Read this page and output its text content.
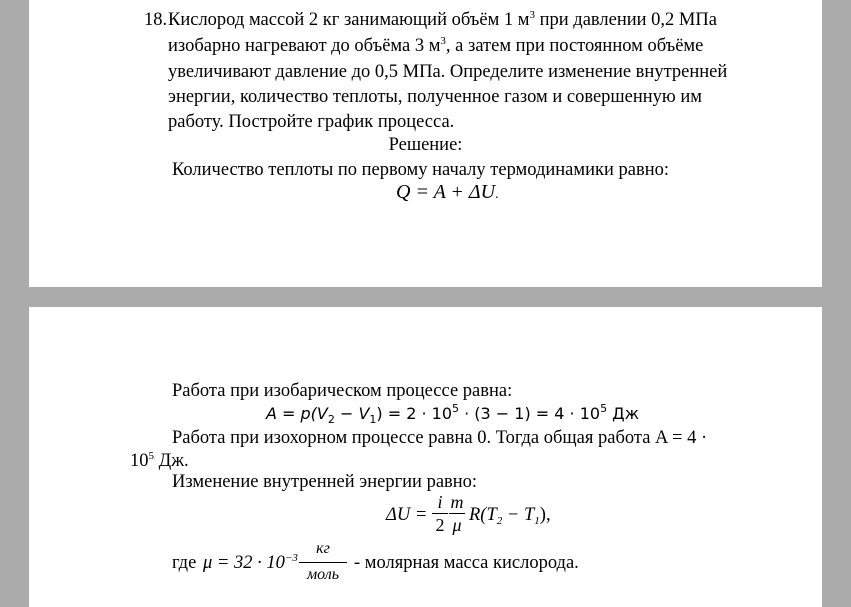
18. Кислород массой 2 кг занимающий объём 1 $м^3$ при давлении 0,2 МПа
изобарно нагревают до объёма 3 $м^3$, а затем при постоянном объёме
увеличивают давление до 0,5 МПа. Определите изменение внутренней
энергии, количество теплоты, полученное газом и совершенную им
работу. Постройте график процесса.
Решение:
Количество теплоты по первому началу термодинамики равно:
Q = A + ΔU.
Работа при изобарическом процессе равна:
$A = p(V_2 - V_1) = 2 \cdot 10^5 \cdot (3 - 1) = 4 \cdot 10^5$ Дж
Работа при изохорном процессе равна 0. Тогда общая работа A = 4 ·
$10^5$ Дж.
Изменение внутренней энергии равно:
ΔU =
i
2
m
μ $R(T_2 - T_1)$,
где $\mu = 32 \cdot 10^{-3}$
кг
моль
- молярная масса кислорода.
